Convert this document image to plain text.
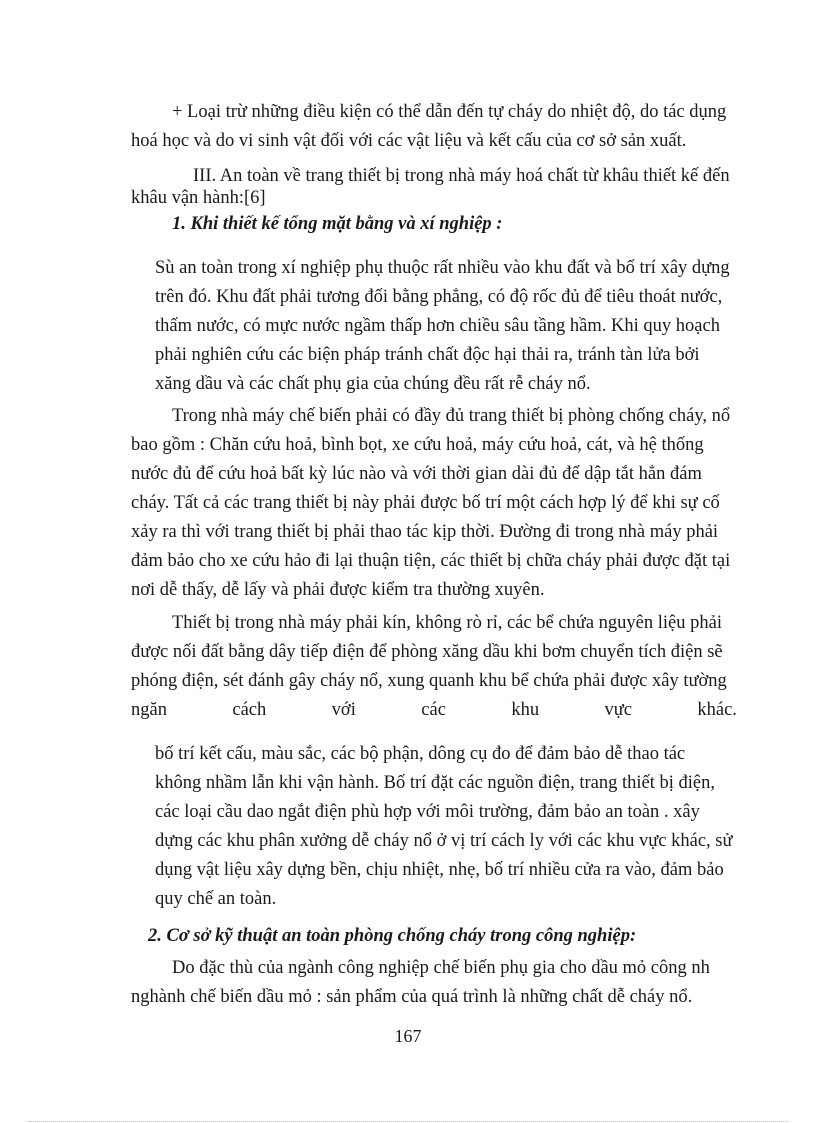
+ Loại trừ những điều kiện có thể dẫn đến tự cháy do nhiệt độ, do tác dụng

hoá học và do vi sinh vật đối với các vật liệu và kết cấu của cơ sở sản xuất.

III. An toàn về trang thiết bị trong nhà máy hoá chất từ khâu thiết kế đến

khâu vận hành:[6]

1. Khi thiết kế tổng mặt bằng và xí nghiệp :

Sù an toàn trong xí nghiệp phụ thuộc rất nhiều vào khu đất và bố trí xây dựng

trên đó. Khu đất phải tương đối bằng phẳng, có độ rốc đủ để tiêu thoát nước,

thấm nước, có mực nước ngầm thấp hơn chiều sâu tầng hầm. Khi quy hoạch

phải nghiên cứu các biện pháp tránh chất độc hại thải ra, tránh tàn lửa bởi

xăng dầu và các chất phụ gia của chúng đều rất rễ cháy nổ.

Trong nhà máy chế biến phải có đầy đủ trang thiết bị phòng chống cháy, nổ

bao gồm : Chăn cứu hoả, bình bọt, xe cứu hoả, máy cứu hoả, cát, và hệ thống

nước đủ để cứu hoả bất kỳ lúc nào và với thời gian dài đủ để dập tắt hẳn đám

cháy. Tất cả các trang thiết bị này phải được bố trí một cách hợp lý để khi sự cố

xảy ra thì với trang thiết bị phải thao tác kịp thời. Đường đi trong nhà máy phải

đảm bảo cho xe cứu hảo đi lại thuận tiện, các thiết bị chữa cháy phải được đặt tại

nơi dễ thấy, dễ lấy và phải được kiểm tra thường xuyên.

Thiết bị trong nhà máy phải kín, không rò rỉ, các bể chứa nguyên liệu phải

được nối đất bằng dây tiếp điện để phòng xăng dầu khi bơm chuyển tích điện sẽ

phóng điện, sét đánh gây cháy nổ, xung quanh khu bể chứa phải được xây tường

ngăn	cách	với	các	khu	vực	khác.

bố trí kết cấu, màu sắc, các bộ phận, dông cụ đo để đảm bảo dễ thao tác

không nhầm lẫn khi vận hành. Bố trí đặt các nguồn điện, trang thiết bị điện,

các loại cầu dao ngắt điện phù hợp với môi trường, đảm bảo an toàn . xây

dựng các khu phân xưởng dễ cháy nổ ở vị trí cách ly với các khu vực khác, sử

dụng vật liệu xây dựng bền, chịu nhiệt, nhẹ, bố trí nhiều cửa ra vào, đảm bảo

quy chế an toàn.

2. Cơ sở kỹ thuật an toàn phòng chống cháy trong công nghiệp:

Do đặc thù của ngành công nghiệp chế biến phụ gia cho dầu mỏ công nh

nghành chế biến dầu mỏ : sản phẩm của quá trình là những chất dễ cháy nổ.

167
